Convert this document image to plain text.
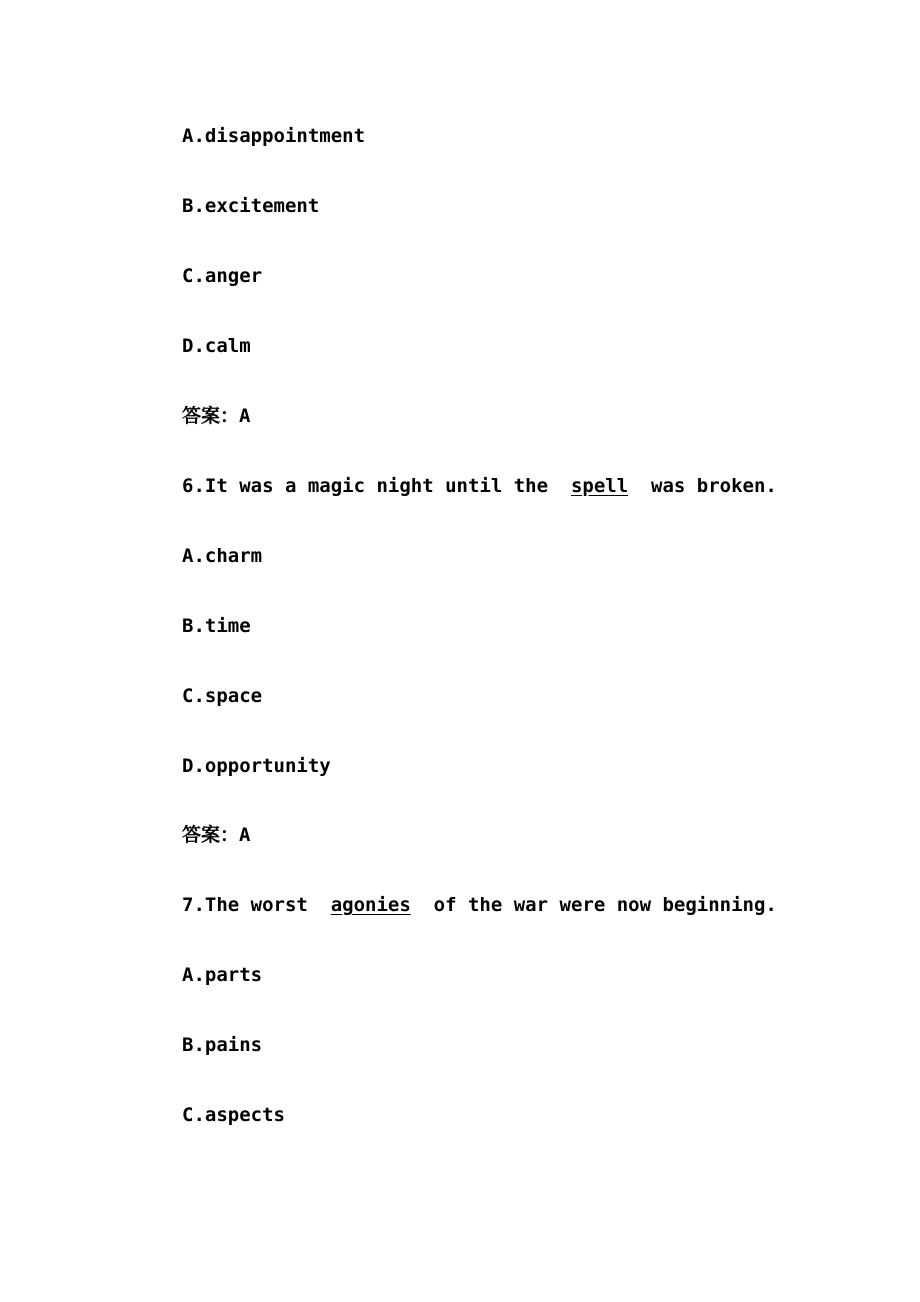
A.disappointment
B.excitement
C.anger
D.calm
答案：A
6.It was a magic night until the  spell  was broken.
A.charm
B.time
C.space
D.opportunity
答案：A
7.The worst  agonies  of the war were now beginning.
A.parts
B.pains
C.aspects
